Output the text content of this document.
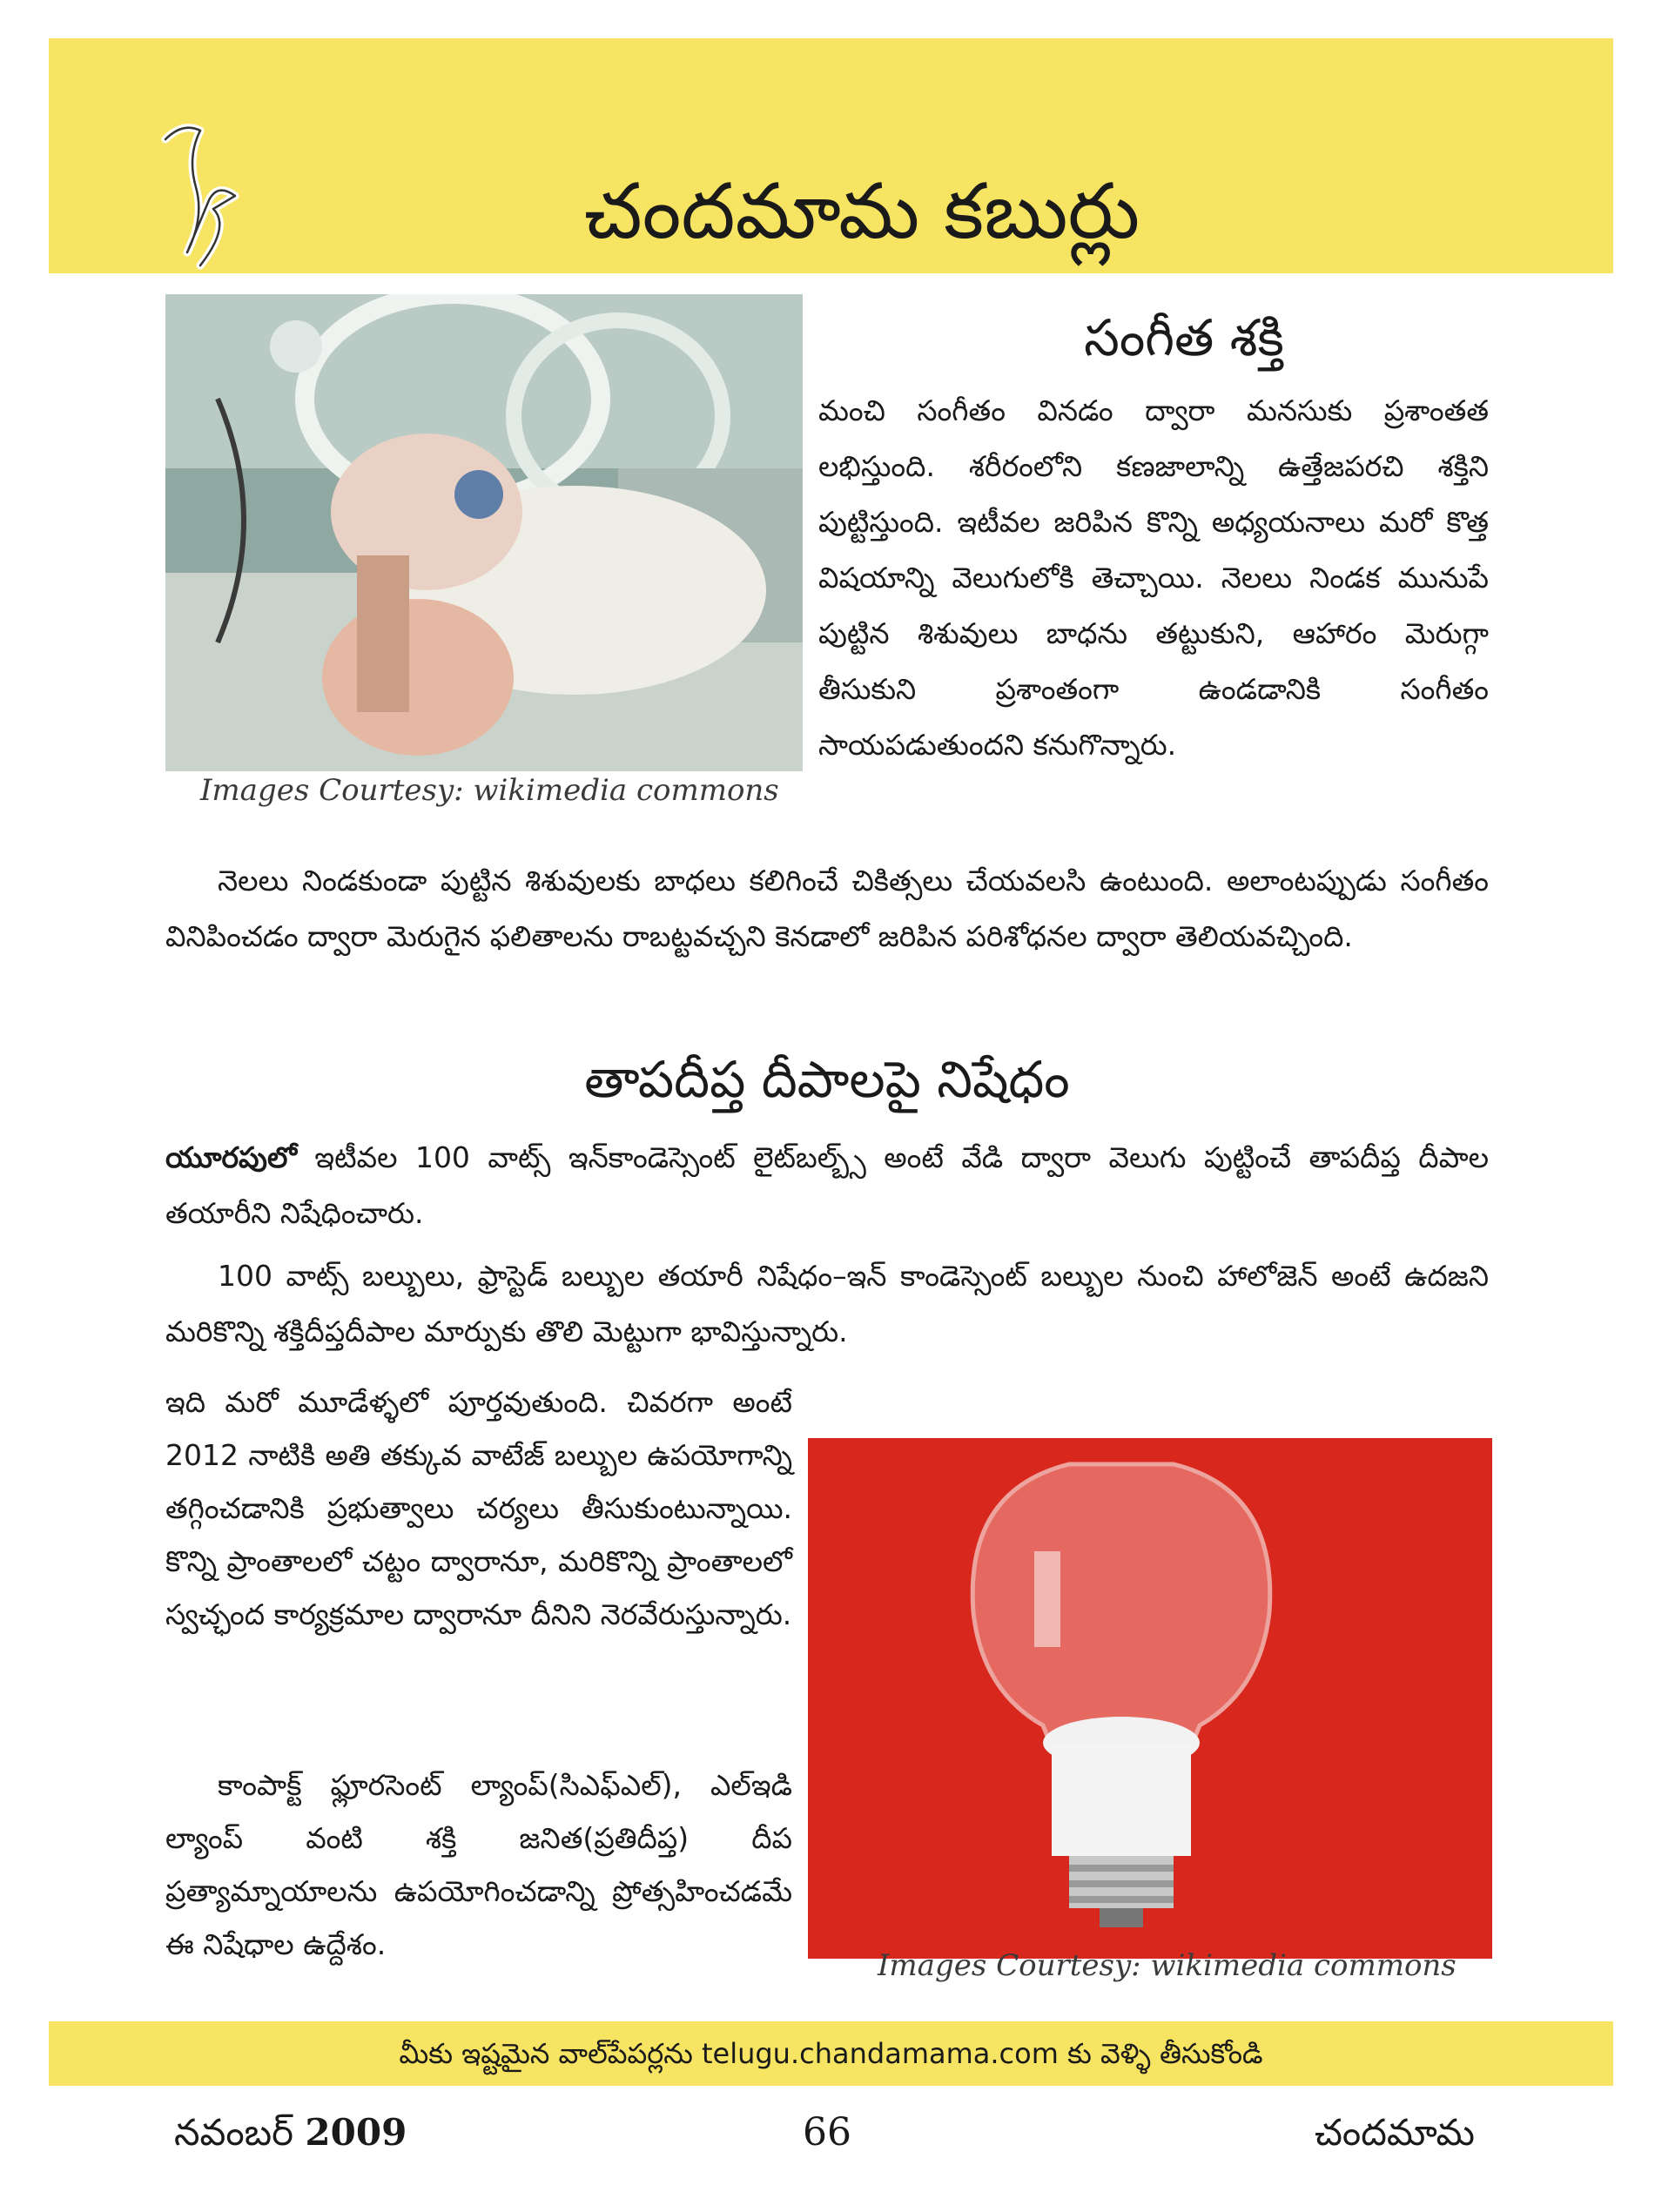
చందమామ కబుర్లు
Images Courtesy: wikimedia commons
సంగీత శక్తి

మంచి సంగీతం వినడం ద్వారా మనసుకు ప్రశాంతత లభిస్తుంది. శరీరంలోని కణజాలాన్ని ఉత్తేజపరచి శక్తిని పుట్టిస్తుంది. ఇటీవల జరిపిన కొన్ని అధ్యయనాలు మరో కొత్త విషయాన్ని వెలుగులోకి తెచ్చాయి. నెలలు నిండక మునుపే పుట్టిన శిశువులు బాధను తట్టుకుని, ఆహారం మెరుగ్గా తీసుకుని ప్రశాంతంగా ఉండడానికి సంగీతం సాయపడుతుందని కనుగొన్నారు.

నెలలు నిండకుండా పుట్టిన శిశువులకు బాధలు కలిగించే చికిత్సలు చేయవలసి ఉంటుంది. అలాంటప్పుడు సంగీతం వినిపించడం ద్వారా మెరుగైన ఫలితాలను రాబట్టవచ్చని కెనడాలో జరిపిన పరిశోధనల ద్వారా తెలియవచ్చింది.

తాపదీప్త దీపాలపై నిషేధం

యూరపులో ఇటీవల 100 వాట్స్ ఇన్‌కాండెస్సెంట్ లైట్‌బల్బ్స్ అంటే వేడి ద్వారా వెలుగు పుట్టించే తాపదీప్త దీపాల తయారీని నిషేధించారు.

100 వాట్స్ బల్బులు, ఫ్రాస్టెడ్ బల్బుల తయారీ నిషేధం–ఇన్ కాండెస్సెంట్ బల్బుల నుంచి హాలోజెన్ అంటే ఉదజని మరికొన్ని శక్తిదీప్తదీపాల మార్పుకు తొలి మెట్టుగా భావిస్తున్నారు.

ఇది మరో మూడేళ్ళలో పూర్తవుతుంది. చివరగా అంటే 2012 నాటికి అతి తక్కువ వాటేజ్ బల్బుల ఉపయోగాన్ని తగ్గించడానికి ప్రభుత్వాలు చర్యలు తీసుకుంటున్నాయి. కొన్ని ప్రాంతాలలో చట్టం ద్వారానూ, మరికొన్ని ప్రాంతాలలో స్వచ్ఛంద కార్యక్రమాల ద్వారానూ దీనిని నెరవేరుస్తున్నారు.

కాంపాక్ట్ ఫ్లూరసెంట్ ల్యాంప్(సిఎఫ్ఎల్), ఎల్ఇడి ల్యాంప్ వంటి శక్తి జనిత(ప్రతిదీప్త) దీప ప్రత్యామ్నాయాలను ఉపయోగించడాన్ని ప్రోత్సహించడమే ఈ నిషేధాల ఉద్దేశం.

Images Courtesy: wikimedia commons
మీకు ఇష్టమైన వాల్‌పేపర్లను telugu.chandamama.com కు వెళ్ళి తీసుకోండి
నవంబర్ 2009	66	చందమామ
